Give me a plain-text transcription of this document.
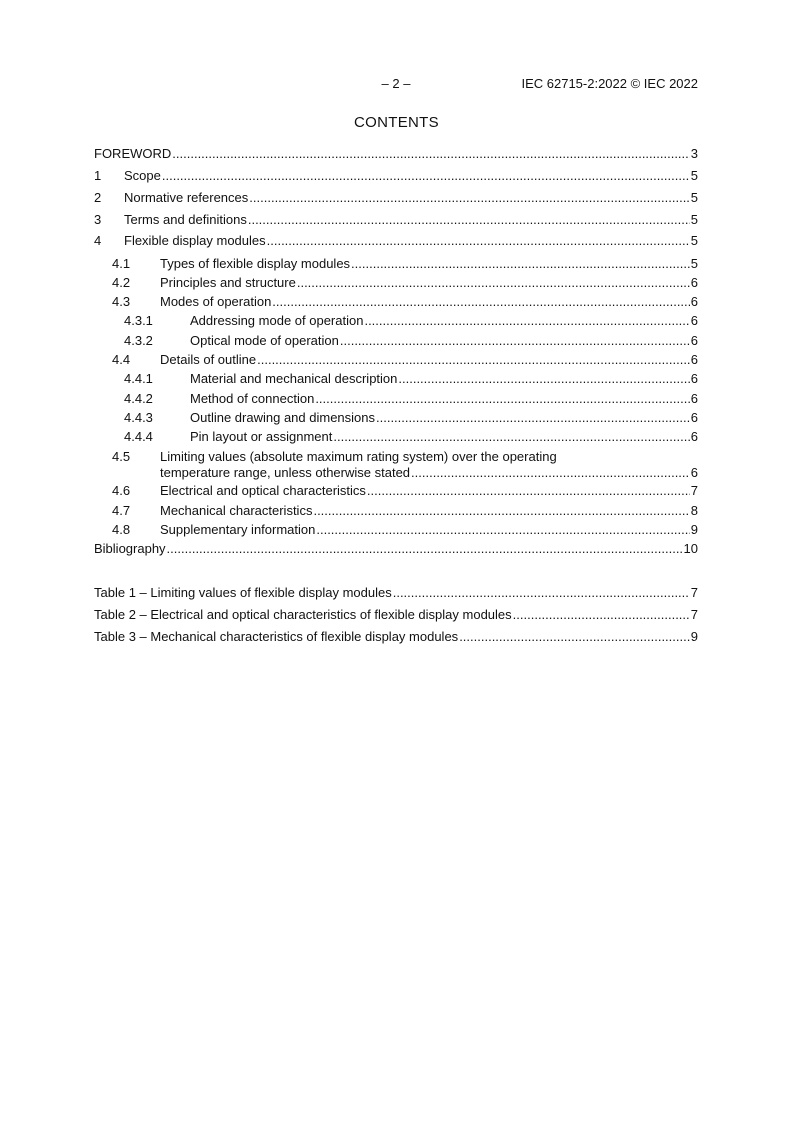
– 2 –	IEC 62715-2:2022 © IEC 2022
CONTENTS
FOREWORD .....	3
1 Scope .....	5
2 Normative references .....	5
3 Terms and definitions .....	5
4 Flexible display modules .....	5
4.1 Types of flexible display modules .....	5
4.2 Principles and structure .....	6
4.3 Modes of operation .....	6
4.3.1	Addressing mode of operation .....	6
4.3.2	Optical mode of operation .....	6
4.4 Details of outline .....	6
4.4.1	Material and mechanical description .....	6
4.4.2	Method of connection .....	6
4.4.3	Outline drawing and dimensions .....	6
4.4.4	Pin layout or assignment .....	6
4.5 Limiting values (absolute maximum rating system) over the operating
temperature range, unless otherwise stated .....	6
4.6 Electrical and optical characteristics .....	7
4.7 Mechanical characteristics .....	8
4.8 Supplementary information .....	9
Bibliography .....	10
Table 1 – Limiting values of flexible display modules .....	7
Table 2 – Electrical and optical characteristics of flexible display modules .....	7
Table 3 – Mechanical characteristics of flexible display modules .....	9
